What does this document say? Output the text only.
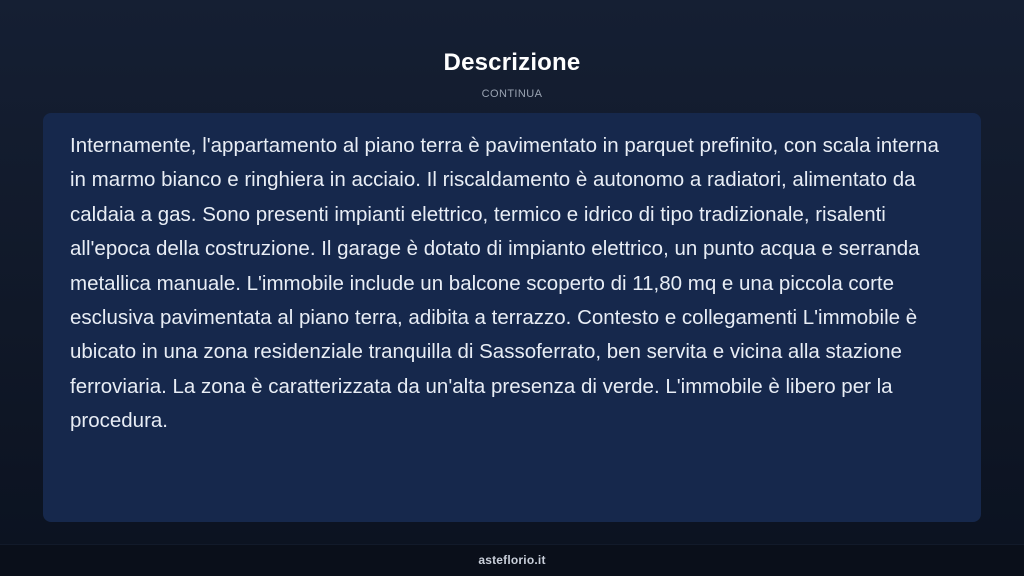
Descrizione
CONTINUA

Internamente, l'appartamento al piano terra è pavimentato in parquet prefinito, con scala interna in marmo bianco e ringhiera in acciaio. Il riscaldamento è autonomo a radiatori, alimentato da caldaia a gas. Sono presenti impianti elettrico, termico e idrico di tipo tradizionale, risalenti all'epoca della costruzione. Il garage è dotato di impianto elettrico, un punto acqua e serranda metallica manuale. L'immobile include un balcone scoperto di 11,80 mq e una piccola corte esclusiva pavimentata al piano terra, adibita a terrazzo. Contesto e collegamenti L'immobile è ubicato in una zona residenziale tranquilla di Sassoferrato, ben servita e vicina alla stazione ferroviaria. La zona è caratterizzata da un'alta presenza di verde. L'immobile è libero per la procedura.

asteflorio.it
